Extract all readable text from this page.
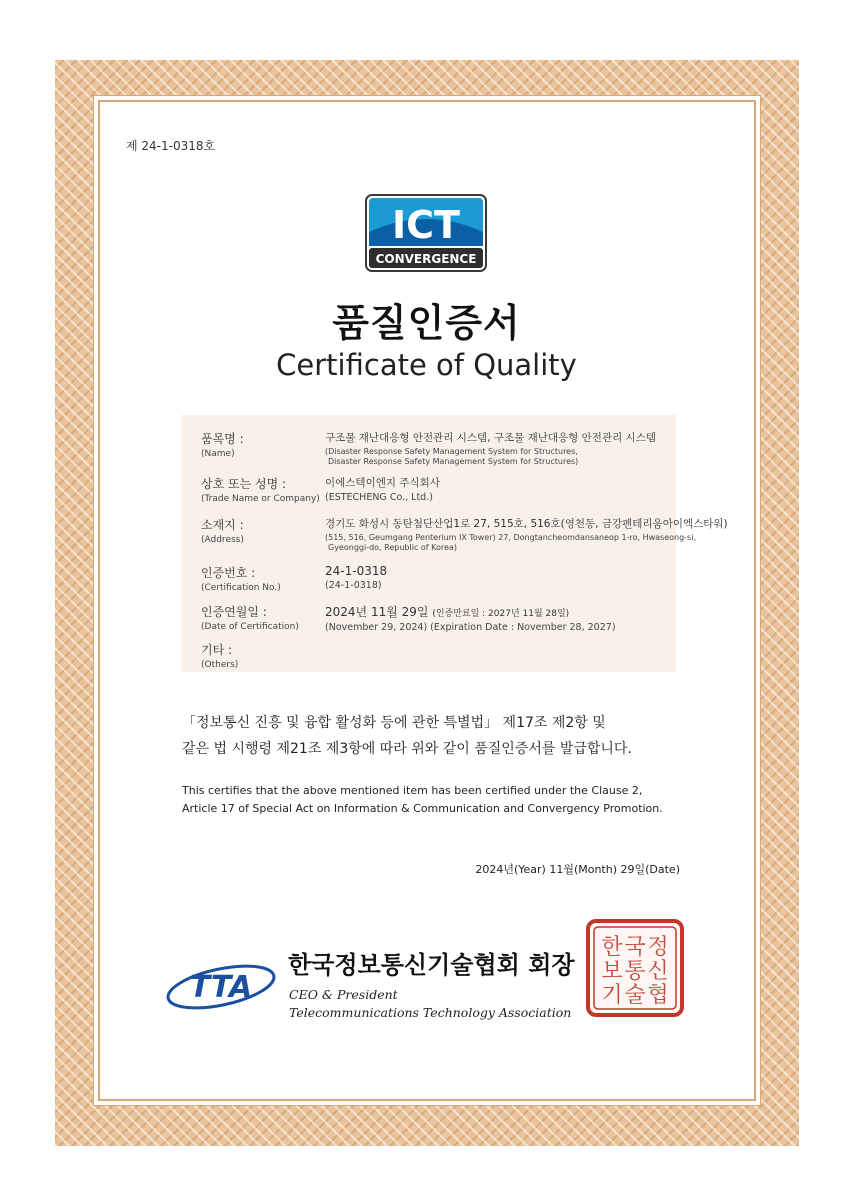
제 24-1-0318호
ICT
CONVERGENCE
품질인증서
Certificate of Quality
품목명 :
(Name)
구조물 재난대응형 안전관리 시스템, 구조물 재난대응형 안전관리 시스템
(Disaster Response Safety Management System for Structures,
Disaster Response Safety Management System for Structures)
상호 또는 성명 :
(Trade Name or Company)
이에스텍이엔지 주식회사
(ESTECHENG Co., Ltd.)
소재지 :
(Address)
경기도 화성시 동탄첨단산업1로 27, 515호, 516호(영천동, 금강펜테리움아이엑스타워)
(515, 516, Geumgang Penterium IX Tower) 27, Dongtancheomdansaneop 1-ro, Hwaseong-si,
Gyeonggi-do, Republic of Korea)
인증번호 :
(Certification No.)
24-1-0318
(24-1-0318)
인증연월일 :
(Date of Certification)
2024년 11월 29일 (인증만료일 : 2027년 11월 28일)
(November 29, 2024) (Expiration Date : November 28, 2027)
기타 :
(Others)
「정보통신 진흥 및 융합 활성화 등에 관한 특별법」 제17조 제2항 및
같은 법 시행령 제21조 제3항에 따라 위와 같이 품질인증서를 발급합니다.
This certifies that the above mentioned item has been certified under the Clause 2,
Article 17 of Special Act on Information & Communication and Convergency Promotion.
2024년(Year) 11월(Month) 29일(Date)
TTA
한국정보통신기술협회 회장
CEO & President
Telecommunications Technology Association
한 국 정
보 통 신
기 술 협
